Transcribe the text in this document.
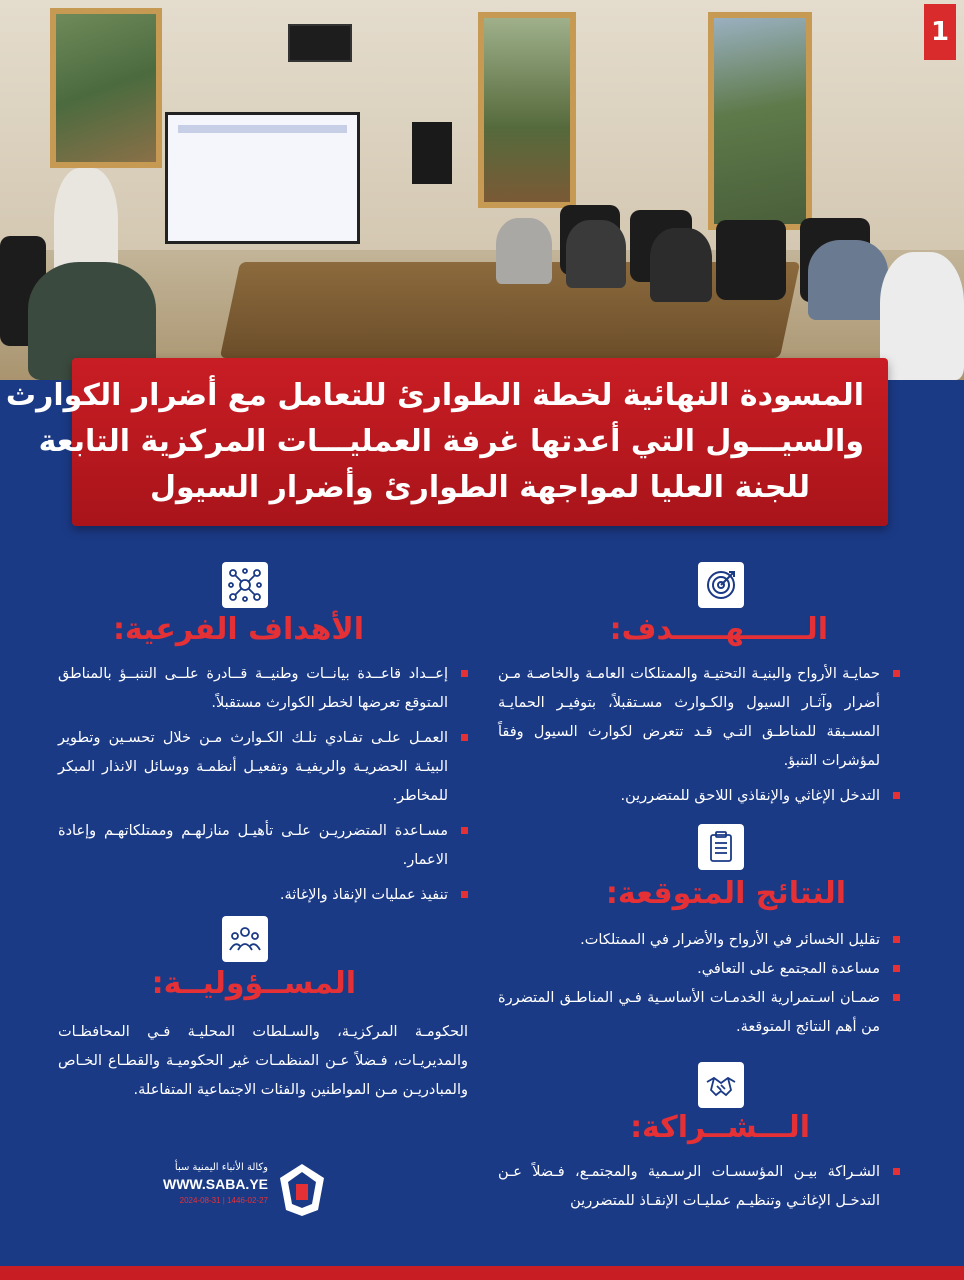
1
المسودة النهائية لخطة الطوارئ للتعامل مع أضرار الكوارث
والسيـــول التي أعدتها غرفة العمليـــات المركزية التابعة
للجنة العليا لمواجهة الطوارئ وأضرار السيول
الــــــهـــــدف:
حمايـة الأرواح والبنيـة التحتيـة والممتلكات العامـة والخاصـة مـن أضرار وآثـار السيول والكـوارث مسـتقبلاً، بتوفيـر الحمايـة المسـبقة للمناطـق التـي قـد تتعرض لكوارث السيول وفقاً لمؤشرات التنبؤ.
التدخل الإغاثي والإنقاذي اللاحق للمتضررين.
الأهداف الفرعية:
إعــداد قاعــدة بيانــات وطنيــة قــادرة علــى التنبــؤ بالمناطق المتوقع تعرضها لخطر الكوارث مستقبلاً.
العمـل علـى تفـادي تلـك الكـوارث مـن خلال تحسـين وتطوير البيئـة الحضريـة والريفيـة وتفعيـل أنظمـة ووسائل الانذار المبكر للمخاطر.
مسـاعدة المتضرريـن علـى تأهيـل منازلهـم وممتلكاتهـم وإعادة الاعمار.
تنفيذ عمليات الإنقاذ والإغاثة.	النتائج المتوقعة:
تقليل الخسائر في الأرواح والأضرار في الممتلكات.
مساعدة المجتمع على التعافي.
ضمـان اسـتمرارية الخدمـات الأساسـية فـي المناطـق المتضررة من أهم النتائج المتوقعة.
المســؤوليــة:
الحكومـة المركزيـة، والسـلطات المحليـة فـي المحافظـات والمديريـات، فـضلاً عـن المنظمـات غير الحكوميـة والقطـاع الخـاص والمبادريـن مـن المواطنين والفئات الاجتماعية المتفاعلة.
الـــشــراكة:
الشـراكة بيـن المؤسسـات الرسـمية والمجتمـع، فـضلاً عـن التدخـل الإغاثـي وتنظيـم عمليـات الإنقـاذ للمتضررين
وكالة الأنباء اليمنية سبأ
WWW.SABA.YE
2024-08-31 | 1446-02-27
